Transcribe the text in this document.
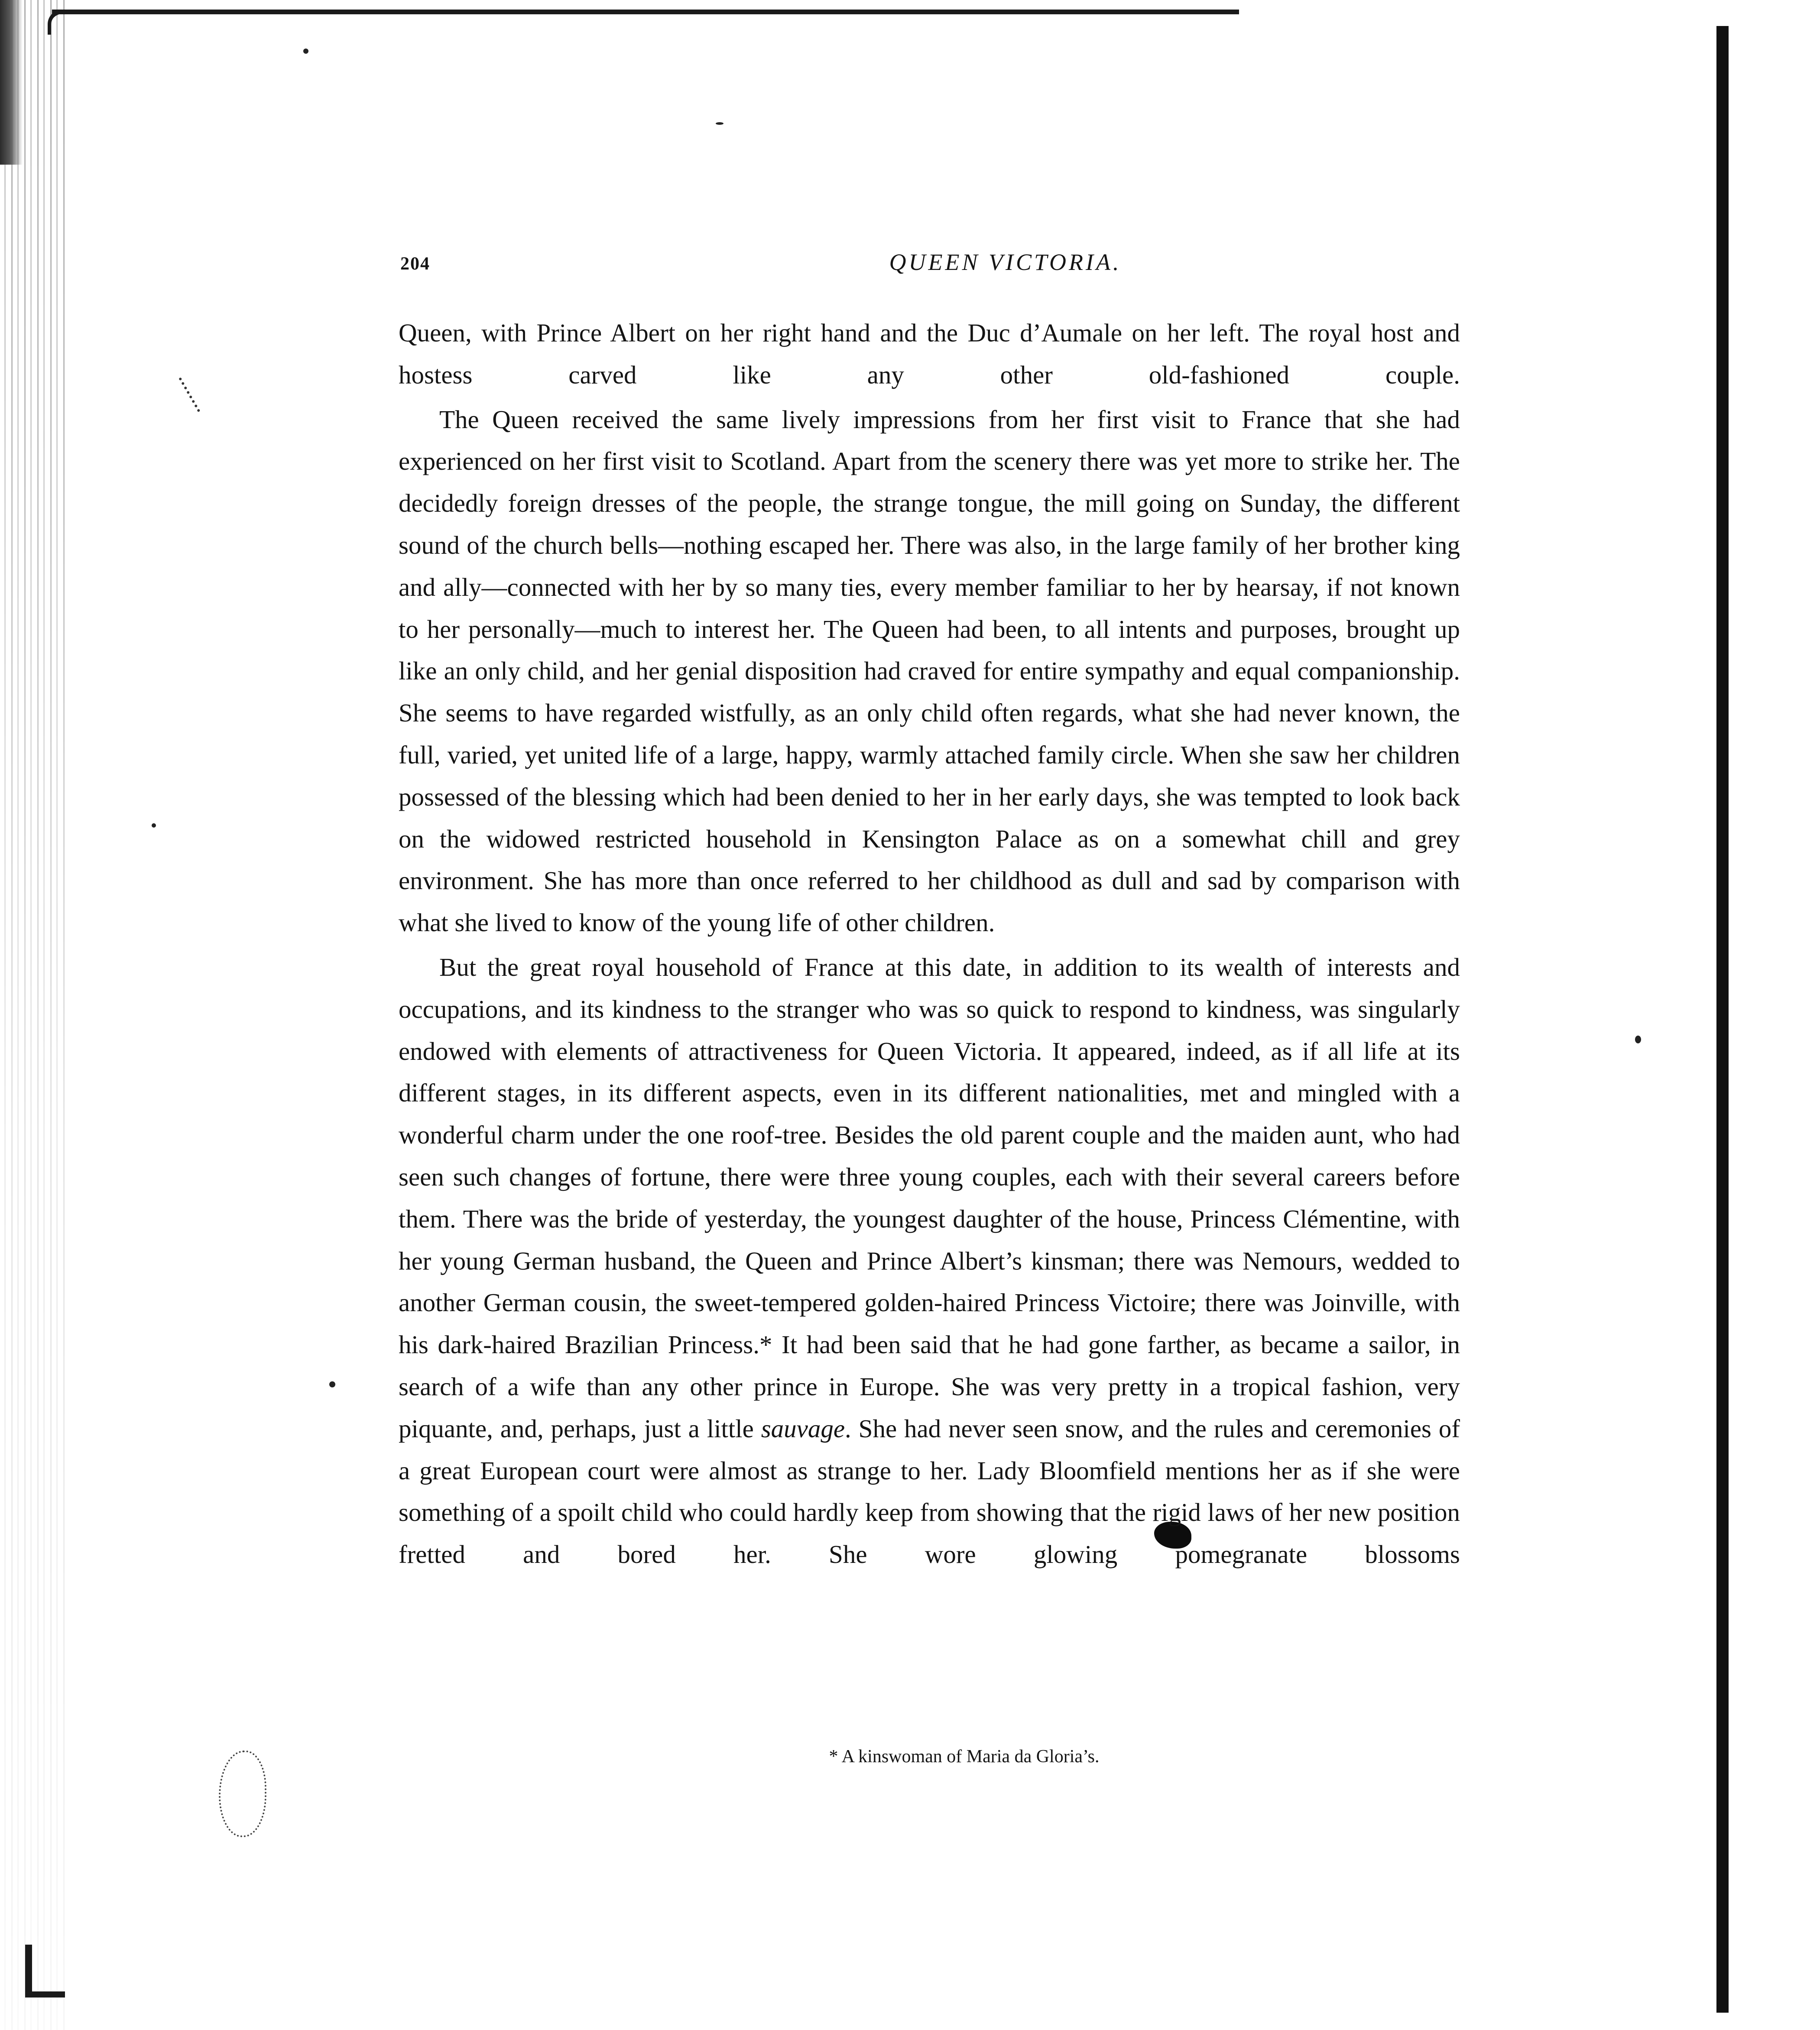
204	QUEEN VICTORIA.

Queen, with Prince Albert on her right hand and the Duc d’Aumale on her left. The royal host and hostess carved like any other old-fashioned couple.

The Queen received the same lively impressions from her first visit to France that she had experienced on her first visit to Scotland. Apart from the scenery there was yet more to strike her. The decidedly foreign dresses of the people, the strange tongue, the mill going on Sunday, the different sound of the church bells—nothing escaped her. There was also, in the large family of her brother king and ally—connected with her by so many ties, every member familiar to her by hearsay, if not known to her personally—much to interest her. The Queen had been, to all intents and purposes, brought up like an only child, and her genial disposition had craved for entire sympathy and equal companionship. She seems to have regarded wistfully, as an only child often regards, what she had never known, the full, varied, yet united life of a large, happy, warmly attached family circle. When she saw her children possessed of the blessing which had been denied to her in her early days, she was tempted to look back on the widowed restricted household in Kensington Palace as on a somewhat chill and grey environment. She has more than once referred to her childhood as dull and sad by comparison with what she lived to know of the young life of other children.

But the great royal household of France at this date, in addition to its wealth of interests and occupations, and its kindness to the stranger who was so quick to respond to kindness, was singularly endowed with elements of attractiveness for Queen Victoria. It appeared, indeed, as if all life at its different stages, in its different aspects, even in its different nationalities, met and mingled with a wonderful charm under the one roof-tree. Besides the old parent couple and the maiden aunt, who had seen such changes of fortune, there were three young couples, each with their several careers before them. There was the bride of yesterday, the youngest daughter of the house, Princess Clémentine, with her young German husband, the Queen and Prince Albert’s kinsman; there was Nemours, wedded to another German cousin, the sweet-tempered golden-haired Princess Victoire; there was Joinville, with his dark-haired Brazilian Princess.* It had been said that he had gone farther, as became a sailor, in search of a wife than any other prince in Europe. She was very pretty in a tropical fashion, very piquante, and, perhaps, just a little sauvage. She had never seen snow, and the rules and ceremonies of a great European court were almost as strange to her. Lady Bloomfield mentions her as if she were something of a spoilt child who could hardly keep from showing that the rigid laws of her new position fretted and bored her. She wore glowing pomegranate blossoms

* A kinswoman of Maria da Gloria’s.
